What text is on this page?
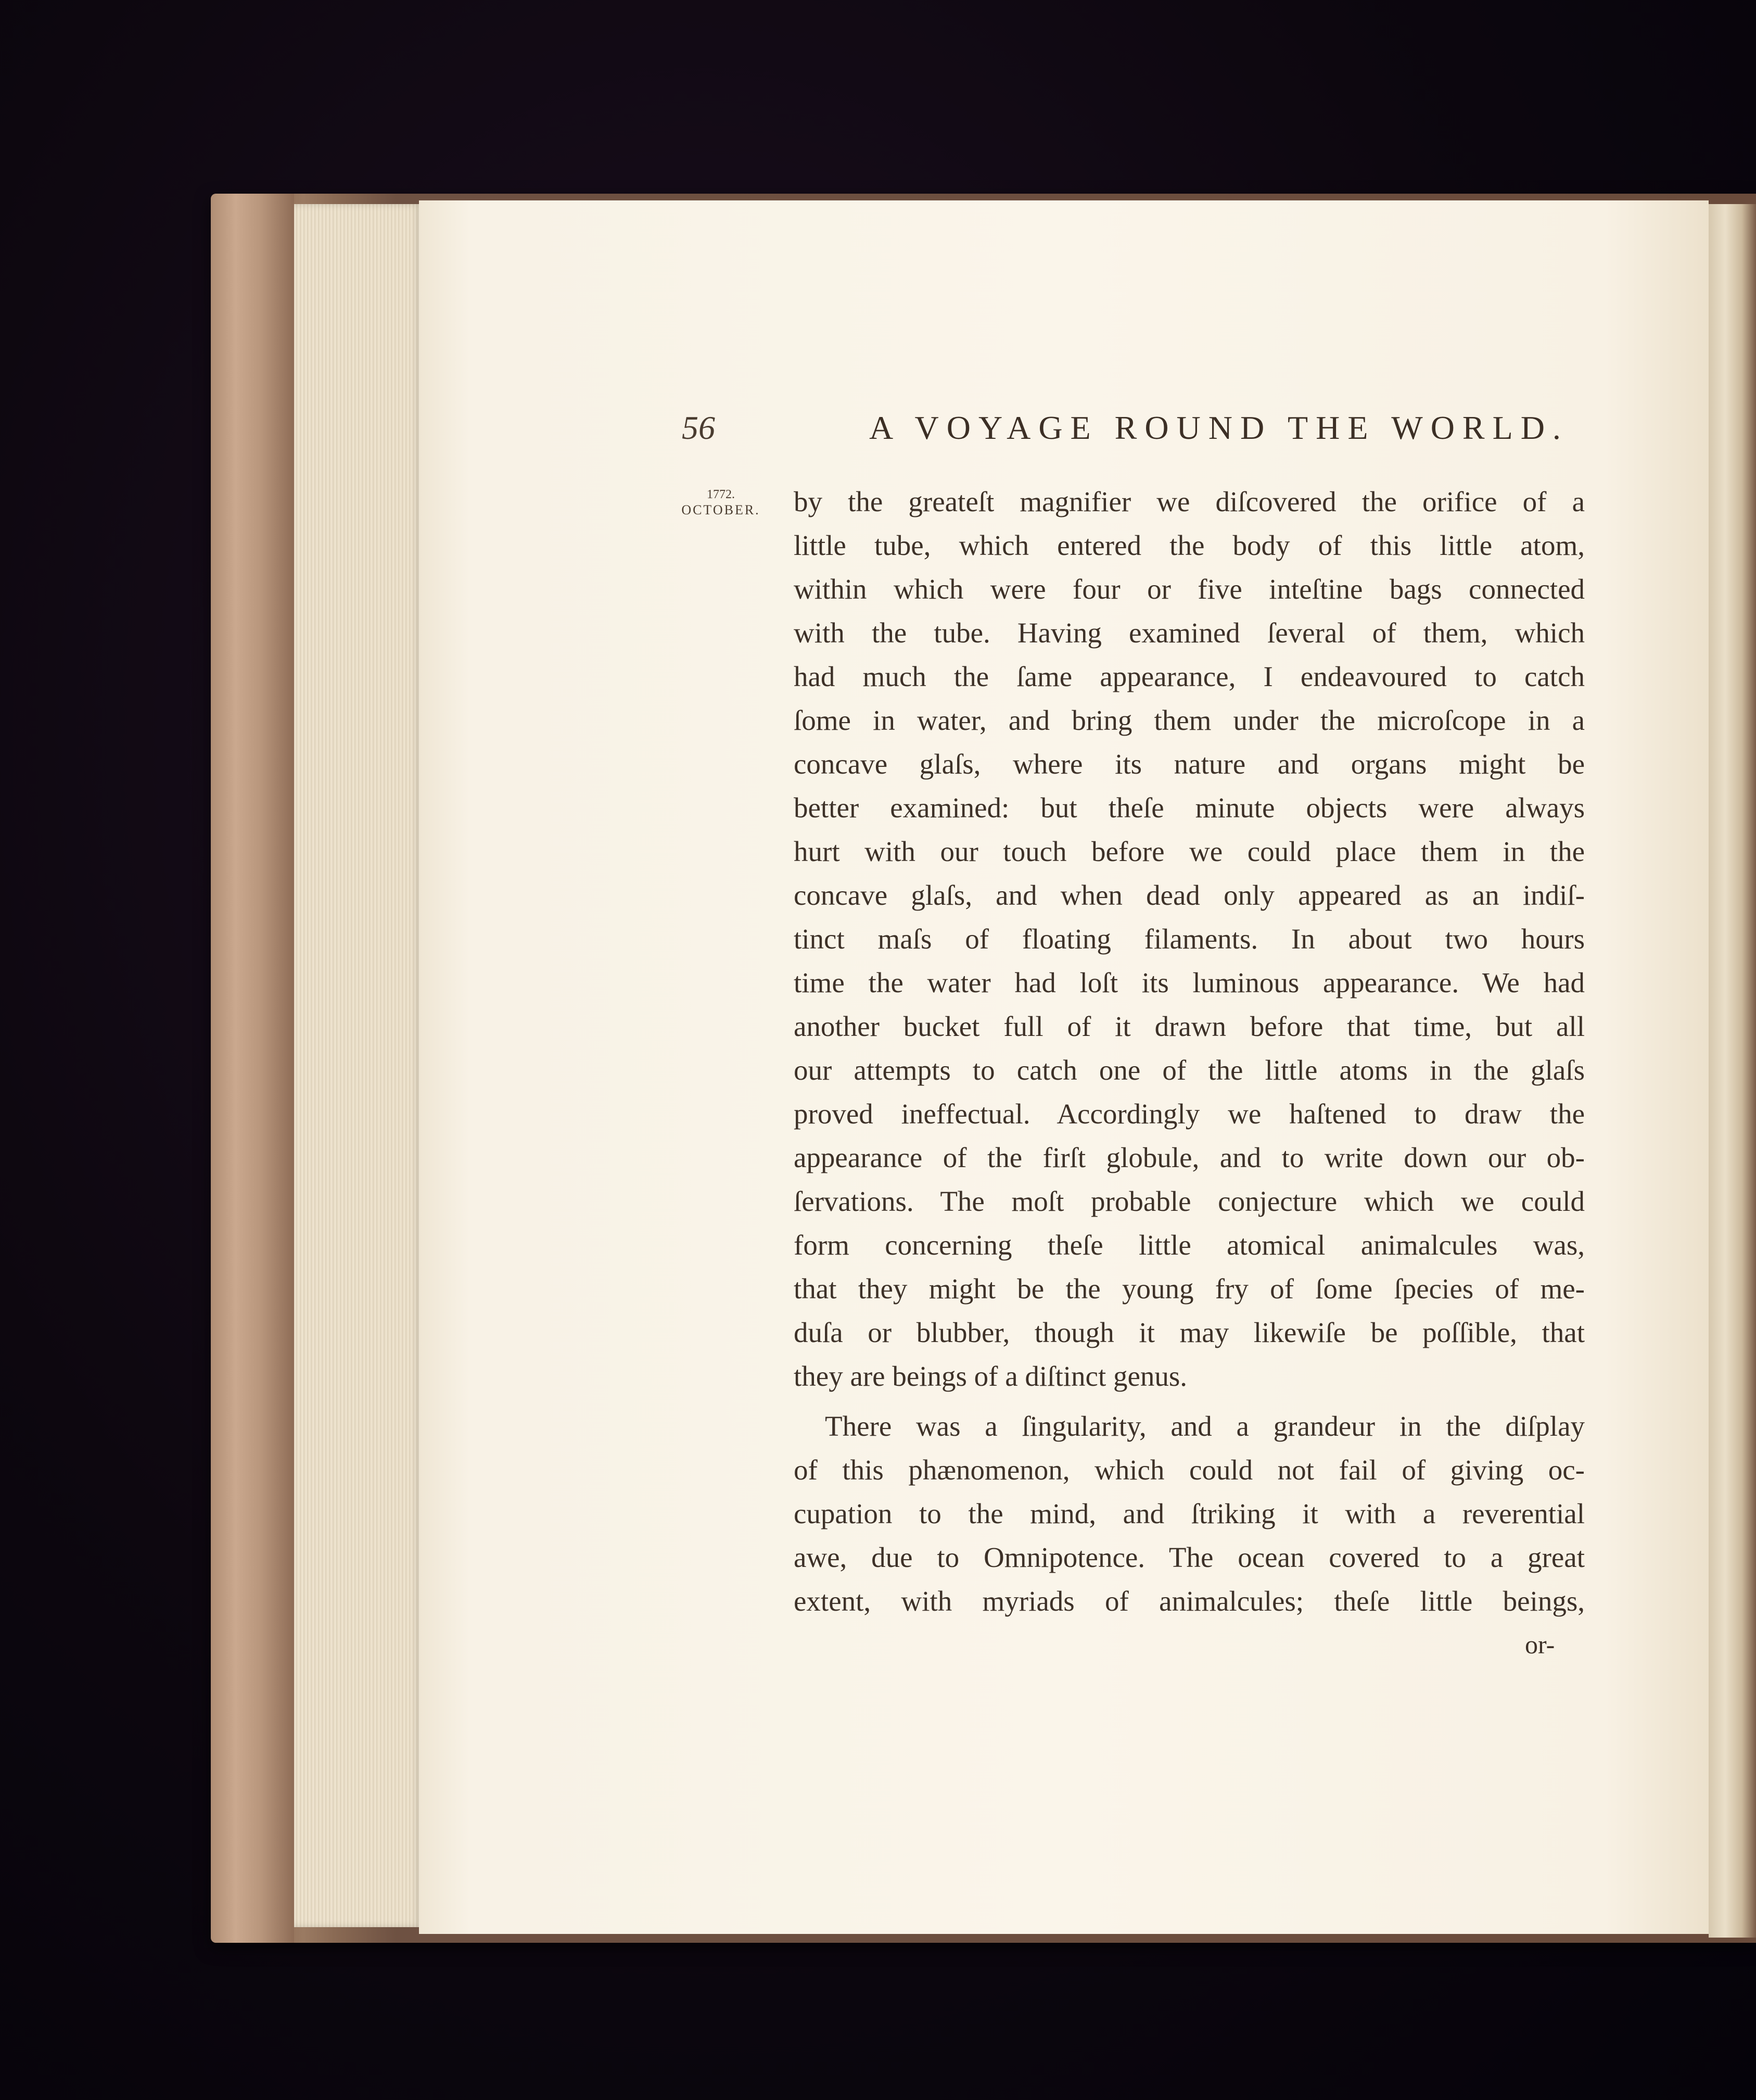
56	A VOYAGE ROUND THE WORLD.
1772.
OCTOBER. by the greateſt magnifier we diſcovered the orifice of a
little tube, which entered the body of this little atom,
within which were four or five inteſtine bags connected
with the tube. Having examined ſeveral of them, which
had much the ſame appearance, I endeavoured to catch
ſome in water, and bring them under the microſcope in a
concave glaſs, where its nature and organs might be
better examined: but theſe minute objects were always
hurt with our touch before we could place them in the
concave glaſs, and when dead only appeared as an indiſ-
tinct maſs of floating filaments. In about two hours
time the water had loſt its luminous appearance. We had
another bucket full of it drawn before that time, but all
our attempts to catch one of the little atoms in the glaſs
proved ineffectual. Accordingly we haſtened to draw the
appearance of the firſt globule, and to write down our ob-
ſervations. The moſt probable conjecture which we could
form concerning theſe little atomical animalcules was,
that they might be the young fry of ſome ſpecies of me-
duſa or blubber, though it may likewiſe be poſſible, that
they are beings of a diſtinct genus.
There was a ſingularity, and a grandeur in the diſplay
of this phænomenon, which could not fail of giving oc-
cupation to the mind, and ſtriking it with a reverential
awe, due to Omnipotence. The ocean covered to a great
extent, with myriads of animalcules; theſe little beings,
or-
